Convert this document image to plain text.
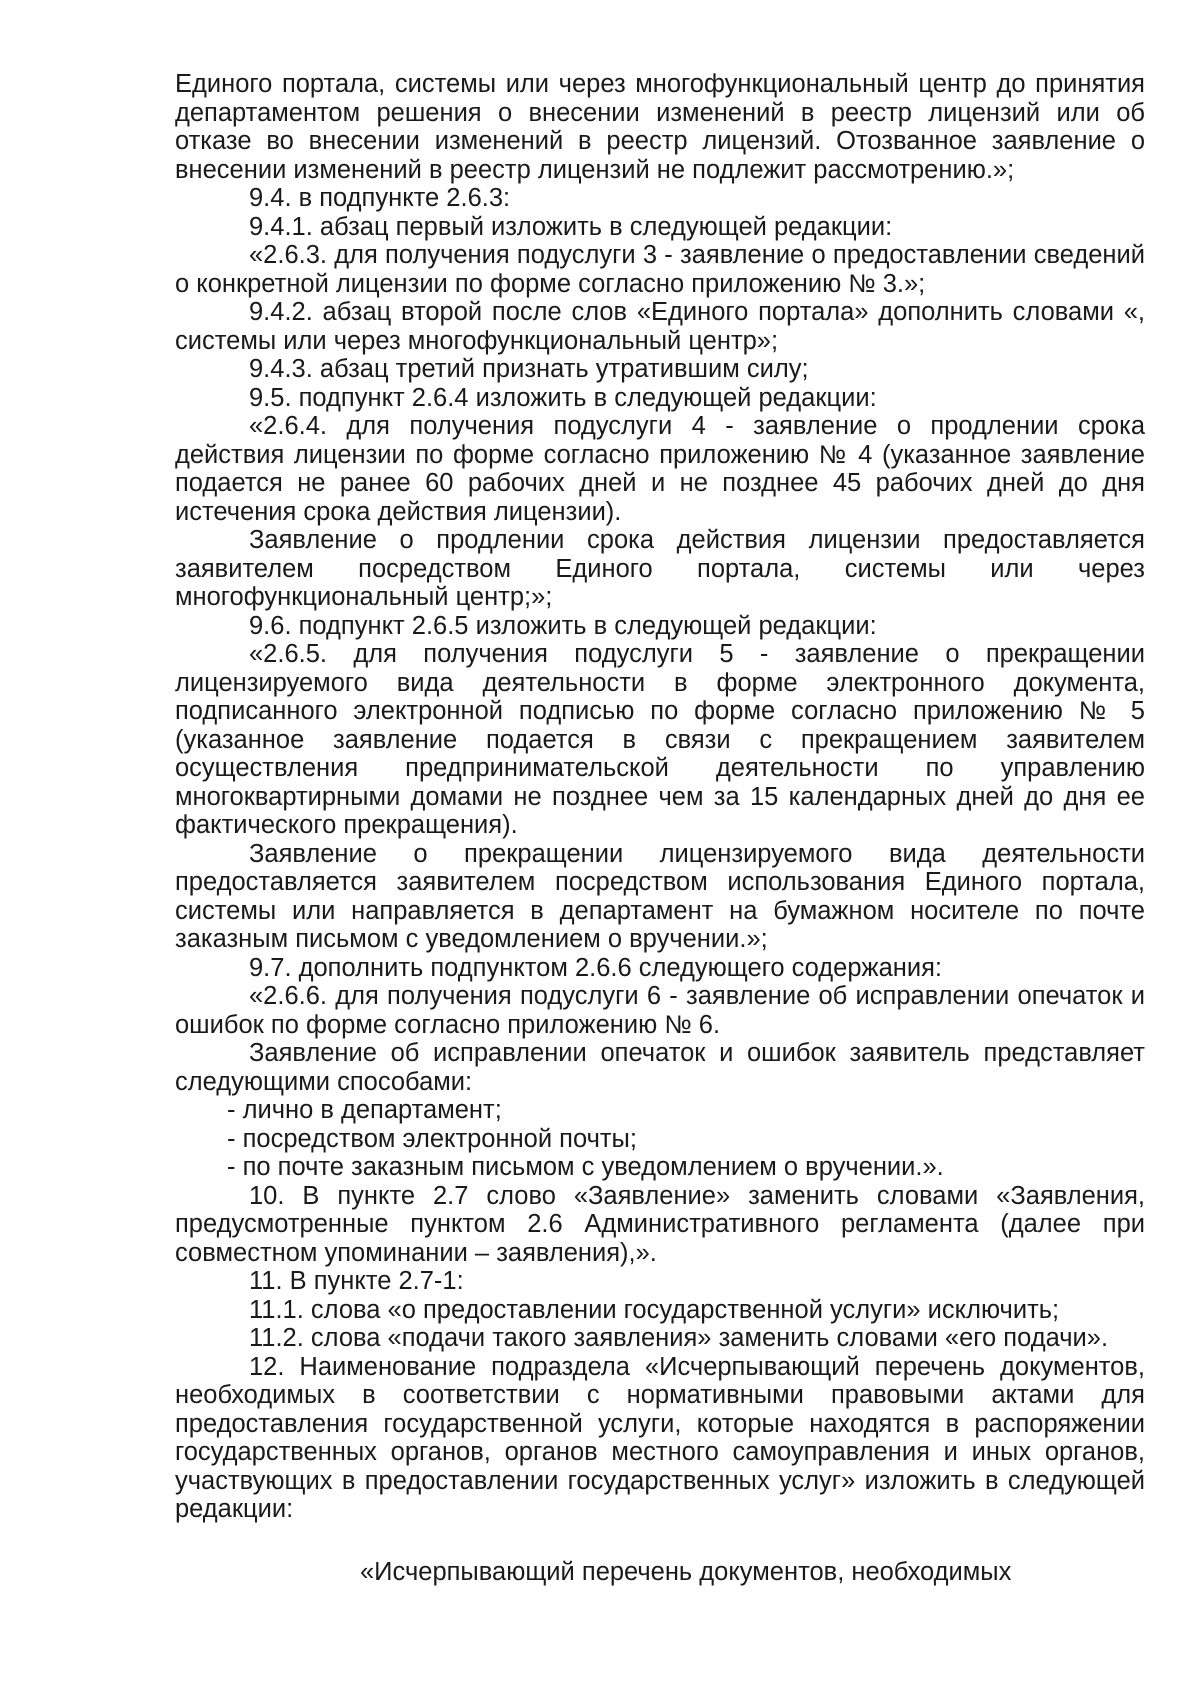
Единого портала, системы или через многофункциональный центр до принятия департаментом решения о внесении изменений в реестр лицензий или об отказе во внесении изменений в реестр лицензий. Отозванное заявление о внесении изменений в реестр лицензий не подлежит рассмотрению.»;

9.4. в подпункте 2.6.3:

9.4.1. абзац первый изложить в следующей редакции:

«2.6.3. для получения подуслуги 3 - заявление о предоставлении сведений о конкретной лицензии по форме согласно приложению № 3.»;

9.4.2. абзац второй после слов «Единого портала» дополнить словами «, системы или через многофункциональный центр»;

9.4.3. абзац третий признать утратившим силу;

9.5. подпункт 2.6.4 изложить в следующей редакции:

«2.6.4. для получения подуслуги 4 - заявление о продлении срока действия лицензии по форме согласно приложению № 4 (указанное заявление подается не ранее 60 рабочих дней и не позднее 45 рабочих дней до дня истечения срока действия лицензии).

Заявление о продлении срока действия лицензии предоставляется заявителем посредством Единого портала, системы или через многофункциональный центр;»;

9.6. подпункт 2.6.5 изложить в следующей редакции:

«2.6.5. для получения подуслуги 5 - заявление о прекращении лицензируемого вида деятельности в форме электронного документа, подписанного электронной подписью по форме согласно приложению № 5 (указанное заявление подается в связи с прекращением заявителем осуществления предпринимательской деятельности по управлению многоквартирными домами не позднее чем за 15 календарных дней до дня ее фактического прекращения).

Заявление о прекращении лицензируемого вида деятельности предоставляется заявителем посредством использования Единого портала, системы или направляется в департамент на бумажном носителе по почте заказным письмом с уведомлением о вручении.»;

9.7. дополнить подпунктом 2.6.6 следующего содержания:

«2.6.6. для получения подуслуги 6 - заявление об исправлении опечаток и ошибок по форме согласно приложению № 6.

Заявление об исправлении опечаток и ошибок заявитель представляет следующими способами:

- лично в департамент;

- посредством электронной почты;

- по почте заказным письмом с уведомлением о вручении.».

10. В пункте 2.7 слово «Заявление» заменить словами «Заявления, предусмотренные пунктом 2.6 Административного регламента (далее при совместном упоминании – заявления),».

11. В пункте 2.7-1:

11.1. слова «о предоставлении государственной услуги» исключить;

11.2. слова «подачи такого заявления» заменить словами «его подачи».

12. Наименование подраздела «Исчерпывающий перечень документов, необходимых в соответствии с нормативными правовыми актами для предоставления государственной услуги, которые находятся в распоряжении государственных органов, органов местного самоуправления и иных органов, участвующих в предоставлении государственных услуг» изложить в следующей редакции:

«Исчерпывающий перечень документов, необходимых
